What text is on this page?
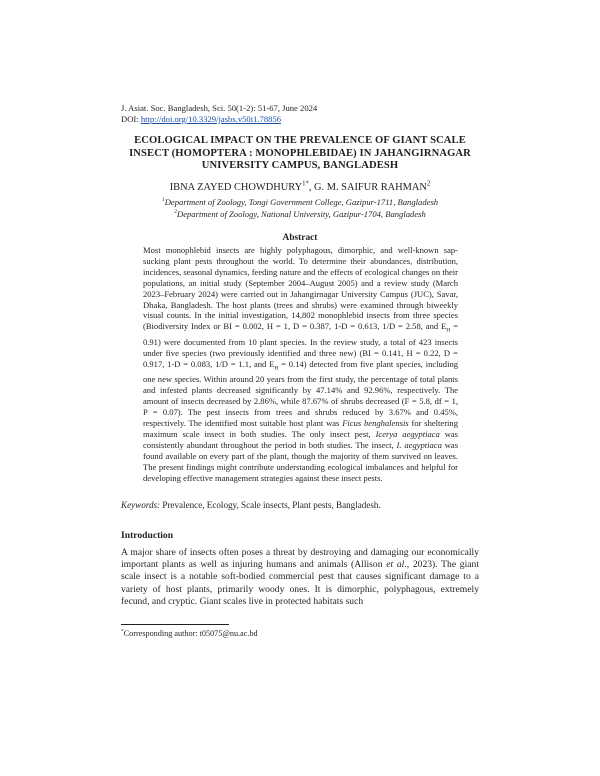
J. Asiat. Soc. Bangladesh, Sci. 50(1-2): 51-67, June 2024
DOI: http://doi.org/10.3329/jasbs.v50i1.78856
ECOLOGICAL IMPACT ON THE PREVALENCE OF GIANT SCALE
INSECT (HOMOPTERA : MONOPHLEBIDAE) IN JAHANGIRNAGAR
UNIVERSITY CAMPUS, BANGLADESH
IBNA ZAYED $CHOWDHURY^{1*}$, G. M. SAIFUR RAHMAN$^2$
$^1$Department of Zoology, Tongi Government College, Gazipur-1711, Bangladesh
$^2$Department of Zoology, National University, Gazipur-1704, Bangladesh
Abstract
Most monophlebid insects are highly polyphagous, dimorphic, and well-known sap- sucking plant pests throughout the world. To determine their abundances, distribution, incidences, seasonal dynamics, feeding nature and the effects of ecological changes on their populations, an initial study (September 2004–August 2005) and a review study (March 2023–February 2024) were carried out in Jahangirnagar University Campus (JUC), Savar, Dhaka, Bangladesh. The host plants (trees and shrubs) were examined through biweekly visual counts. In the initial investigation, 14,802 monophlebid insects from three species (Biodiversity Index or BI = 0.002, H = 1, D = 0.387, 1-D = 0.613, 1/D = 2.58, and $E_H = 0.91$) were documented from 10 plant species. In the review study, a total of 423 insects under five species (two previously identified and three new) (BI = 0.141, H = 0.22, D = 0.917, 1-D = 0.083, 1/D = 1.1, and $E_H = 0.14$) detected from five plant species, including one new species. Within around 20 years from the first study, the percentage of total plants and infested plants decreased significantly by 47.14% and 92.96%, respectively. The amount of insects decreased by 2.86%, while 87.67% of shrubs decreased (F = 5.8, df = 1, P = 0.07). The pest insects from trees and shrubs reduced by 3.67% and 0.45%, respectively. The identified most suitable host plant was Ficus benghalensis for sheltering maximum scale insect in both studies. The only insect pest, Icerya aegyptiaca was consistently abundant throughout the period in both studies. The insect, I. aegyptiaca was found available on every part of the plant, though the majority of them survived on leaves. The present findings might contribute understanding ecological imbalances and helpful for developing effective management strategies against these insect pests.
Keywords: Prevalence, Ecology, Scale insects, Plant pests, Bangladesh.
Introduction
A major share of insects often poses a threat by destroying and damaging our economically important plants as well as injuring humans and animals (Allison et al., 2023). The giant scale insect is a notable soft-bodied commercial pest that causes significant damage to a variety of host plants, primarily woody ones. It is dimorphic, polyphagous, extremely fecund, and cryptic. Giant scales live in protected habitats such
*Corresponding author: t05075@nu.ac.bd
